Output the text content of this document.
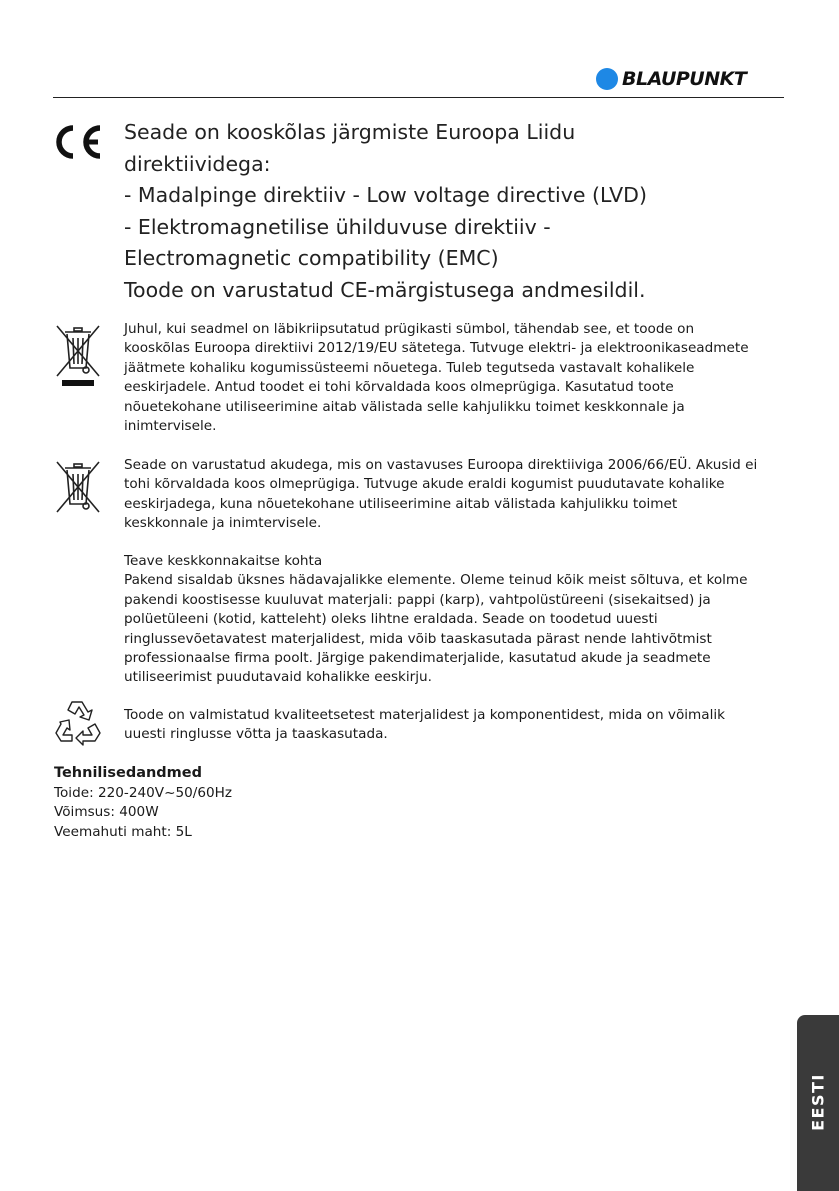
BLAUPUNKT
Seade on kooskõlas järgmiste Euroopa Liidu
direktiividega:
- Madalpinge direktiiv - Low voltage directive (LVD)
- Elektromagnetilise ühilduvuse direktiiv -
Electromagnetic compatibility (EMC)
Toode on varustatud CE-märgistusega andmesildil.
Juhul, kui seadmel on läbikriipsutatud prügikasti sümbol, tähendab see, et toode on
kooskõlas Euroopa direktiivi 2012/19/EU sätetega. Tutvuge elektri- ja elektroonikaseadmete
jäätmete kohaliku kogumissüsteemi nõuetega. Tuleb tegutseda vastavalt kohalikele
eeskirjadele. Antud toodet ei tohi kõrvaldada koos olmeprügiga. Kasutatud toote
nõuetekohane utiliseerimine aitab välistada selle kahjulikku toimet keskkonnale ja
inimtervisele.
Seade on varustatud akudega, mis on vastavuses Euroopa direktiiviga 2006/66/EÜ. Akusid ei
tohi kõrvaldada koos olmeprügiga. Tutvuge akude eraldi kogumist puudutavate kohalike
eeskirjadega, kuna nõuetekohane utiliseerimine aitab välistada kahjulikku toimet
keskkonnale ja inimtervisele.
Teave keskkonnakaitse kohta
Pakend sisaldab üksnes hädavajalikke elemente. Oleme teinud kõik meist sõltuva, et kolme
pakendi koostisesse kuuluvat materjali: pappi (karp), vahtpolüstüreeni (sisekaitsed) ja
polüetüleeni (kotid, katteleht) oleks lihtne eraldada. Seade on toodetud uuesti
ringlussevõetavatest materjalidest, mida võib taaskasutada pärast nende lahtivõtmist
professionaalse firma poolt. Järgige pakendimaterjalide, kasutatud akude ja seadmete
utiliseerimist puudutavaid kohalikke eeskirju.
Toode on valmistatud kvaliteetsetest materjalidest ja komponentidest, mida on võimalik
uuesti ringlusse võtta ja taaskasutada.
Tehnilisedandmed
Toide: 220-240V~50/60Hz
Võimsus: 400W
Veemahuti maht: 5L
EESTI
